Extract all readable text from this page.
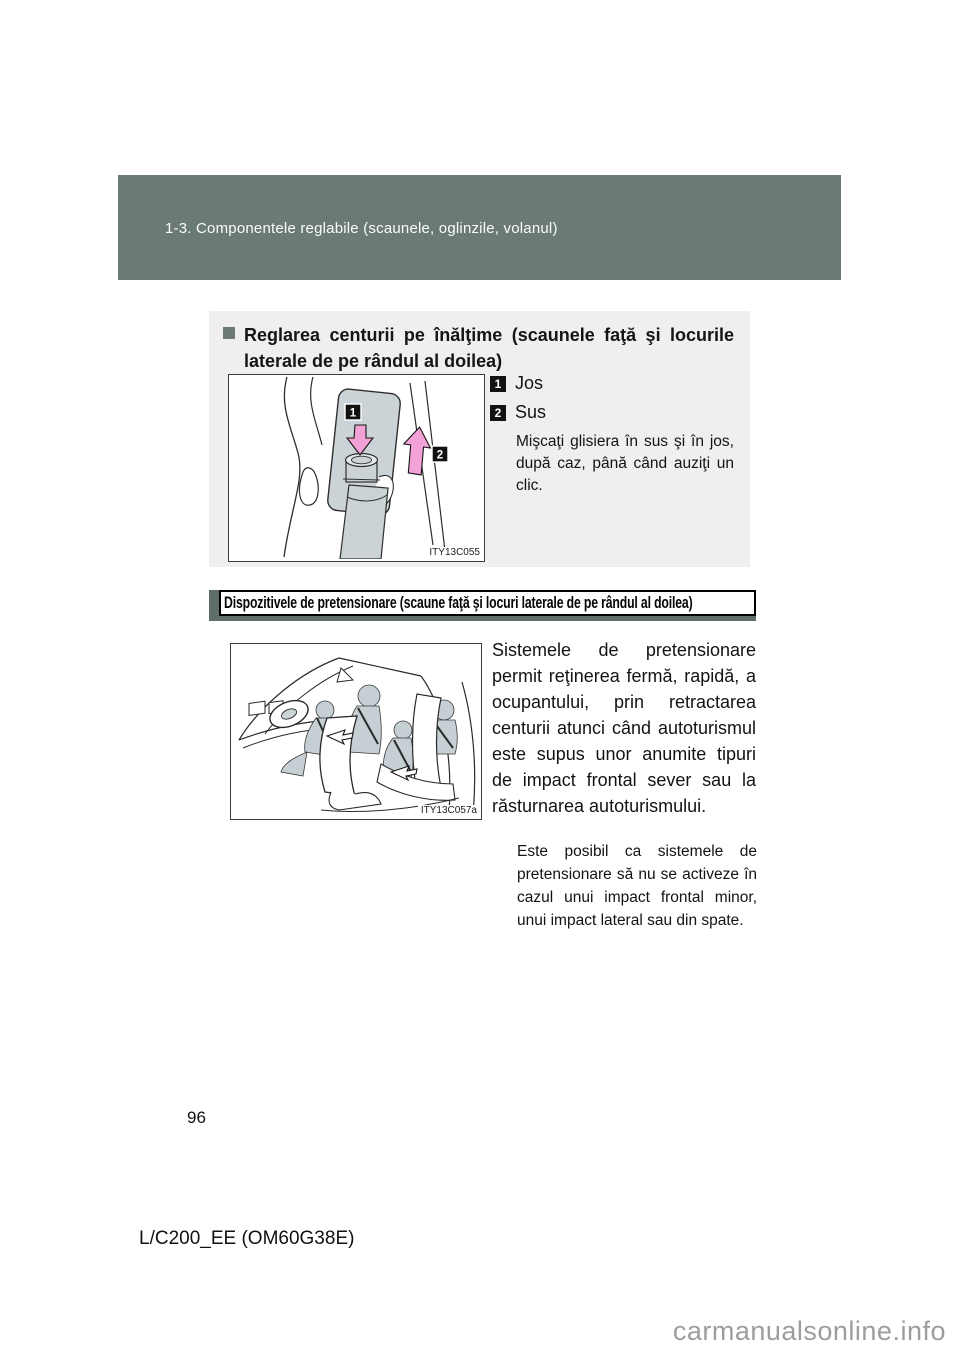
1-3. Componentele reglabile (scaunele, oglinzile, volanul)
Reglarea centurii pe înălţime (scaunele faţă şi locurile laterale de pe rândul al doilea)
1
2
ITY13C055
1 Jos
2 Sus

Mişcaţi glisiera în sus şi în jos, după caz, până când auziţi un clic.

Dispozitivele de pretensionare (scaune faţă şi locuri laterale de pe rândul al doilea)
ITY13C057a

Sistemele de pretensionare permit reţinerea fermă, rapidă, a ocupantului, prin retractarea centurii atunci când autoturismul este supus unor anumite tipuri de impact frontal sever sau la răsturnarea autoturismului.

Este posibil ca sistemele de pretensionare să nu se activeze în cazul unui impact frontal minor, unui impact lateral sau din spate.

96
L/C200_EE (OM60G38E)
carmanualsonline.info
